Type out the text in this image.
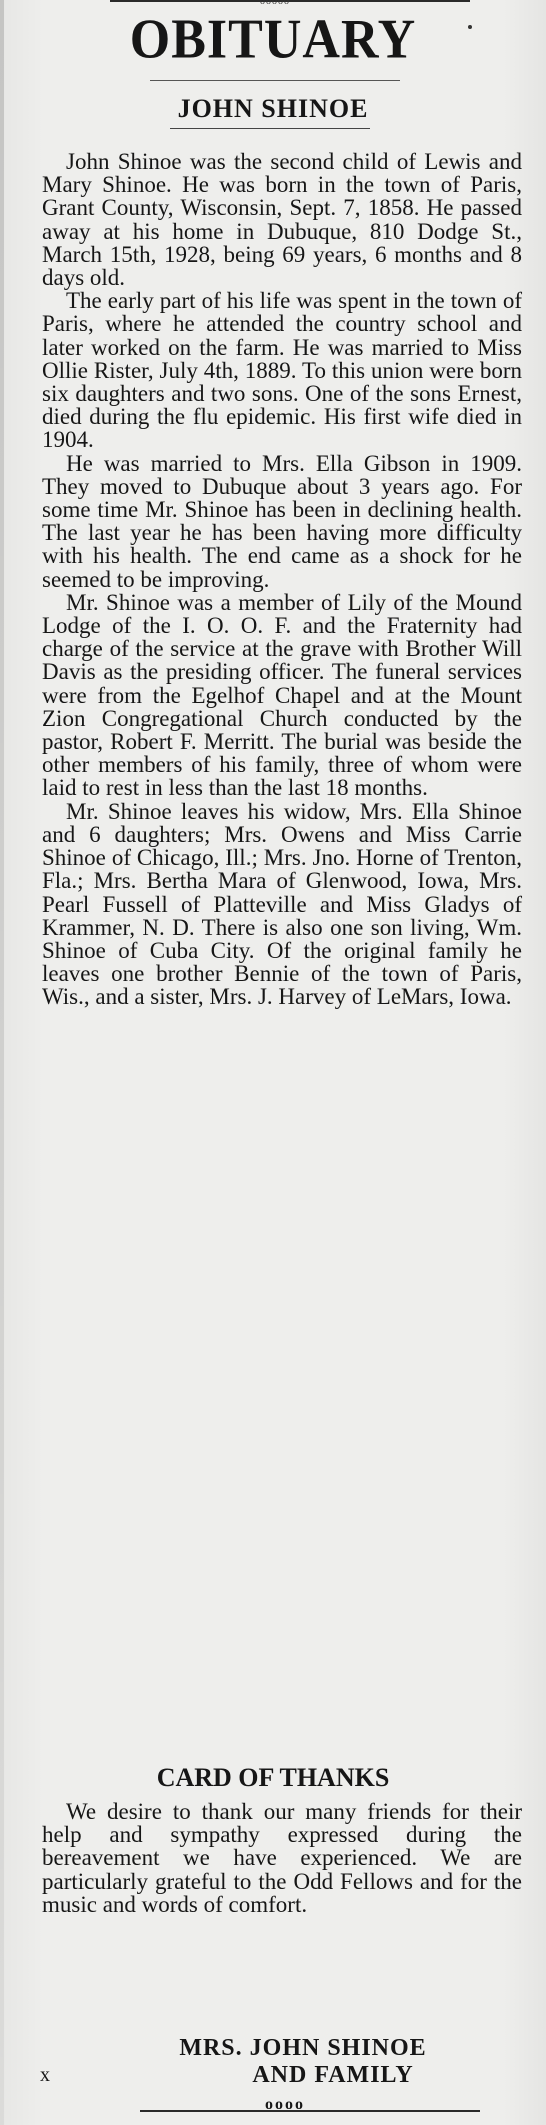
ooooo
OBITUARY
JOHN SHINOE

John Shinoe was the second child of Lewis and Mary Shinoe. He was born in the town of Paris, Grant County, Wisconsin, Sept. 7, 1858. He passed away at his home in Dubuque, 810 Dodge St., March 15th, 1928, being 69 years, 6 months and 8 days old.

The early part of his life was spent in the town of Paris, where he attended the country school and later worked on the farm. He was married to Miss Ollie Rister, July 4th, 1889. To this union were born six daughters and two sons. One of the sons Ernest, died during the flu epidemic. His first wife died in 1904.

He was married to Mrs. Ella Gibson in 1909. They moved to Dubuque about 3 years ago. For some time Mr. Shinoe has been in declining health. The last year he has been having more difficulty with his health. The end came as a shock for he seemed to be improving.

Mr. Shinoe was a member of Lily of the Mound Lodge of the I. O. O. F. and the Fraternity had charge of the service at the grave with Brother Will Davis as the presiding officer. The funeral services were from the Egelhof Chapel and at the Mount Zion Congregational Church conducted by the pastor, Robert F. Merritt. The burial was beside the other members of his family, three of whom were laid to rest in less than the last 18 months.

Mr. Shinoe leaves his widow, Mrs. Ella Shinoe and 6 daughters; Mrs. Owens and Miss Carrie Shinoe of Chicago, Ill.; Mrs. Jno. Horne of Trenton, Fla.; Mrs. Bertha Mara of Glenwood, Iowa, Mrs. Pearl Fussell of Platteville and Miss Gladys of Krammer, N. D. There is also one son living, Wm. Shinoe of Cuba City. Of the original family he leaves one brother Bennie of the town of Paris, Wis., and a sister, Mrs. J. Harvey of LeMars, Iowa.

CARD OF THANKS

We desire to thank our many friends for their help and sympathy expressed during the bereavement we have experienced. We are particularly grateful to the Odd Fellows and for the music and words of comfort.

x
MRS. JOHN SHINOE
AND FAMILY
oooo
